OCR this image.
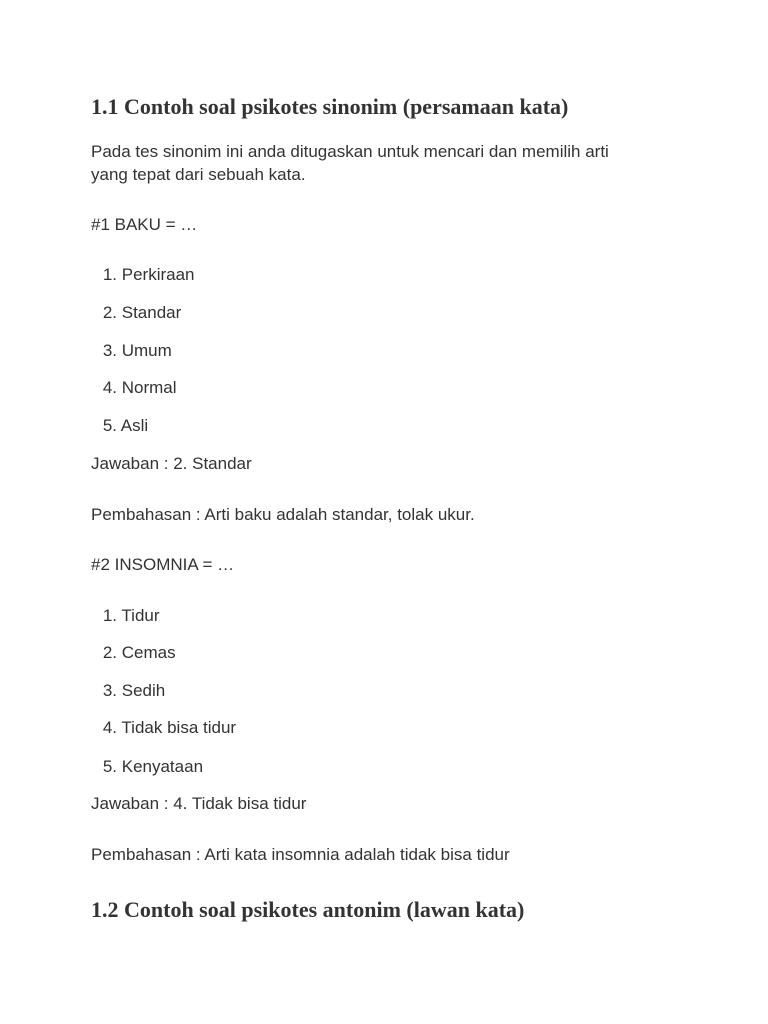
1.1 Contoh soal psikotes sinonim (persamaan kata)

Pada tes sinonim ini anda ditugaskan untuk mencari dan memilih arti

yang tepat dari sebuah kata.

#1 BAKU = …

1. Perkiraan

2. Standar

3. Umum

4. Normal

5. Asli

Jawaban : 2. Standar

Pembahasan : Arti baku adalah standar, tolak ukur.

#2 INSOMNIA = …

1. Tidur

2. Cemas

3. Sedih

4. Tidak bisa tidur

5. Kenyataan

Jawaban : 4. Tidak bisa tidur

Pembahasan : Arti kata insomnia adalah tidak bisa tidur

1.2 Contoh soal psikotes antonim (lawan kata)
